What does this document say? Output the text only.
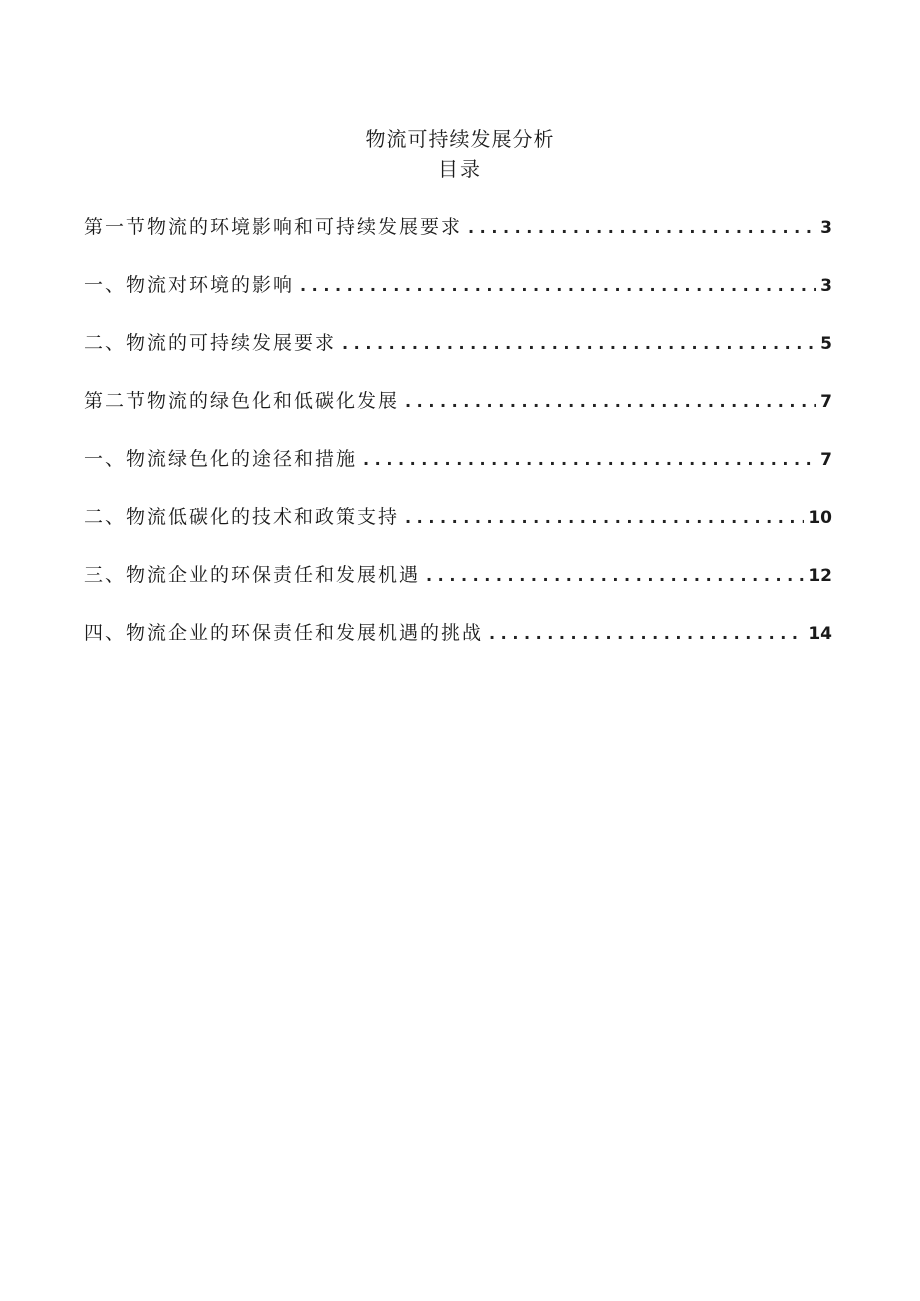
物流可持续发展分析
目录
第一节物流的环境影响和可持续发展要求 . . .	3
一、物流对环境的影响 . . .	3
二、物流的可持续发展要求 . . .	5
第二节物流的绿色化和低碳化发展 . . .	7
一、物流绿色化的途径和措施 . . .	7
二、物流低碳化的技术和政策支持 . . .	10
三、物流企业的环保责任和发展机遇 . . .	12
四、物流企业的环保责任和发展机遇的挑战 . . .	14
